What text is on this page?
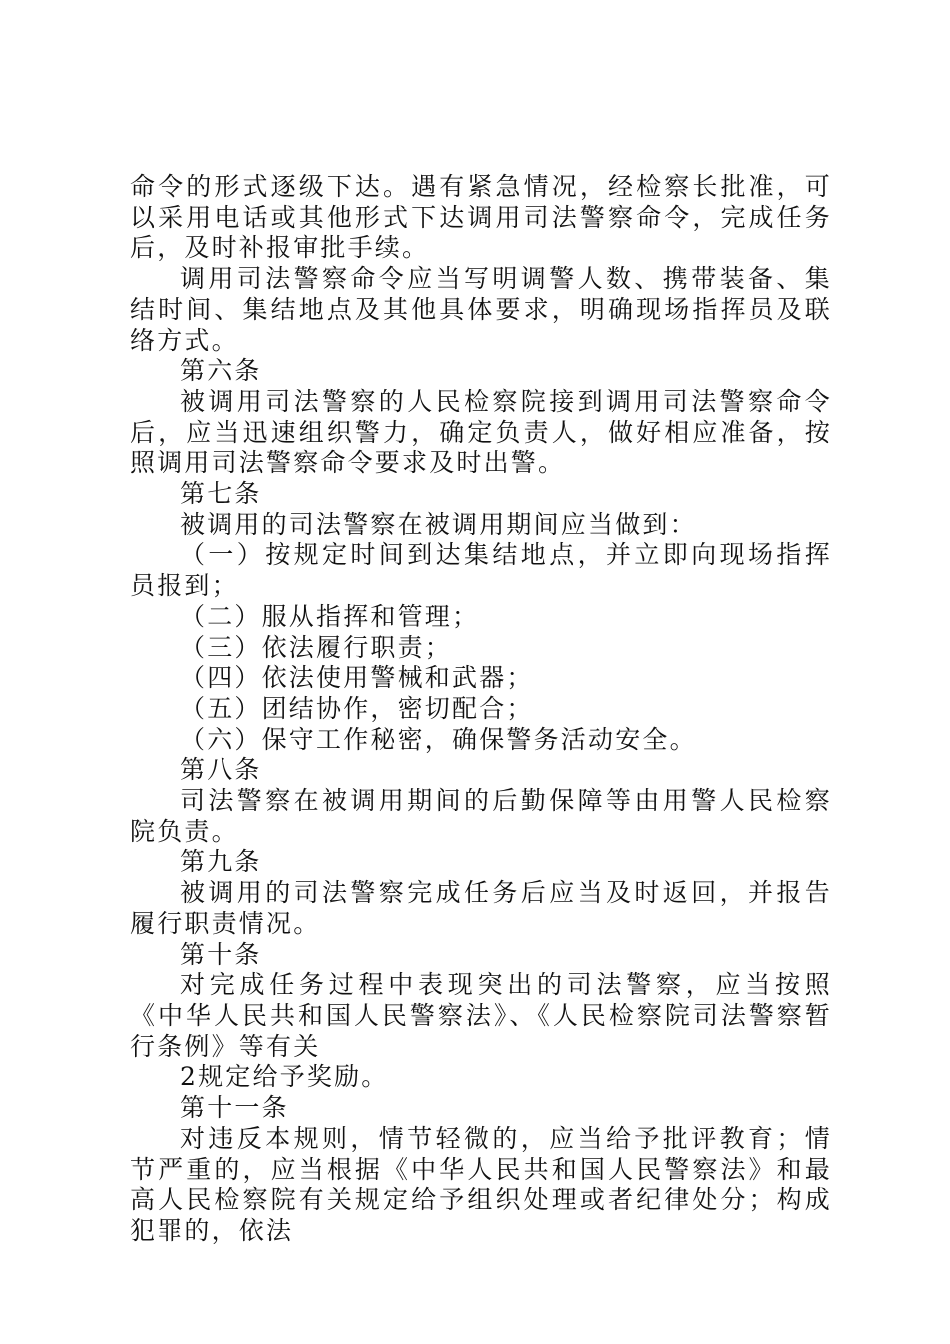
命令的形式逐级下达。遇有紧急情况，经检察长批准，可以采用电话或其他形式下达调用司法警察命令，完成任务后，及时补报审批手续。

调用司法警察命令应当写明调警人数、携带装备、集结时间、集结地点及其他具体要求，明确现场指挥员及联络方式。

第六条

被调用司法警察的人民检察院接到调用司法警察命令后，应当迅速组织警力，确定负责人，做好相应准备，按照调用司法警察命令要求及时出警。

第七条

被调用的司法警察在被调用期间应当做到：

（一）按规定时间到达集结地点，并立即向现场指挥员报到；

（二）服从指挥和管理；

（三）依法履行职责；

（四）依法使用警械和武器；

（五）团结协作，密切配合；

（六）保守工作秘密，确保警务活动安全。

第八条

司法警察在被调用期间的后勤保障等由用警人民检察院负责。

第九条

被调用的司法警察完成任务后应当及时返回，并报告履行职责情况。

第十条

对完成任务过程中表现突出的司法警察，应当按照《中华人民共和国人民警察法》、《人民检察院司法警察暂行条例》等有关

2规定给予奖励。

第十一条

对违反本规则，情节轻微的，应当给予批评教育；情节严重的，应当根据《中华人民共和国人民警察法》和最高人民检察院有关规定给予组织处理或者纪律处分；构成犯罪的，依法
